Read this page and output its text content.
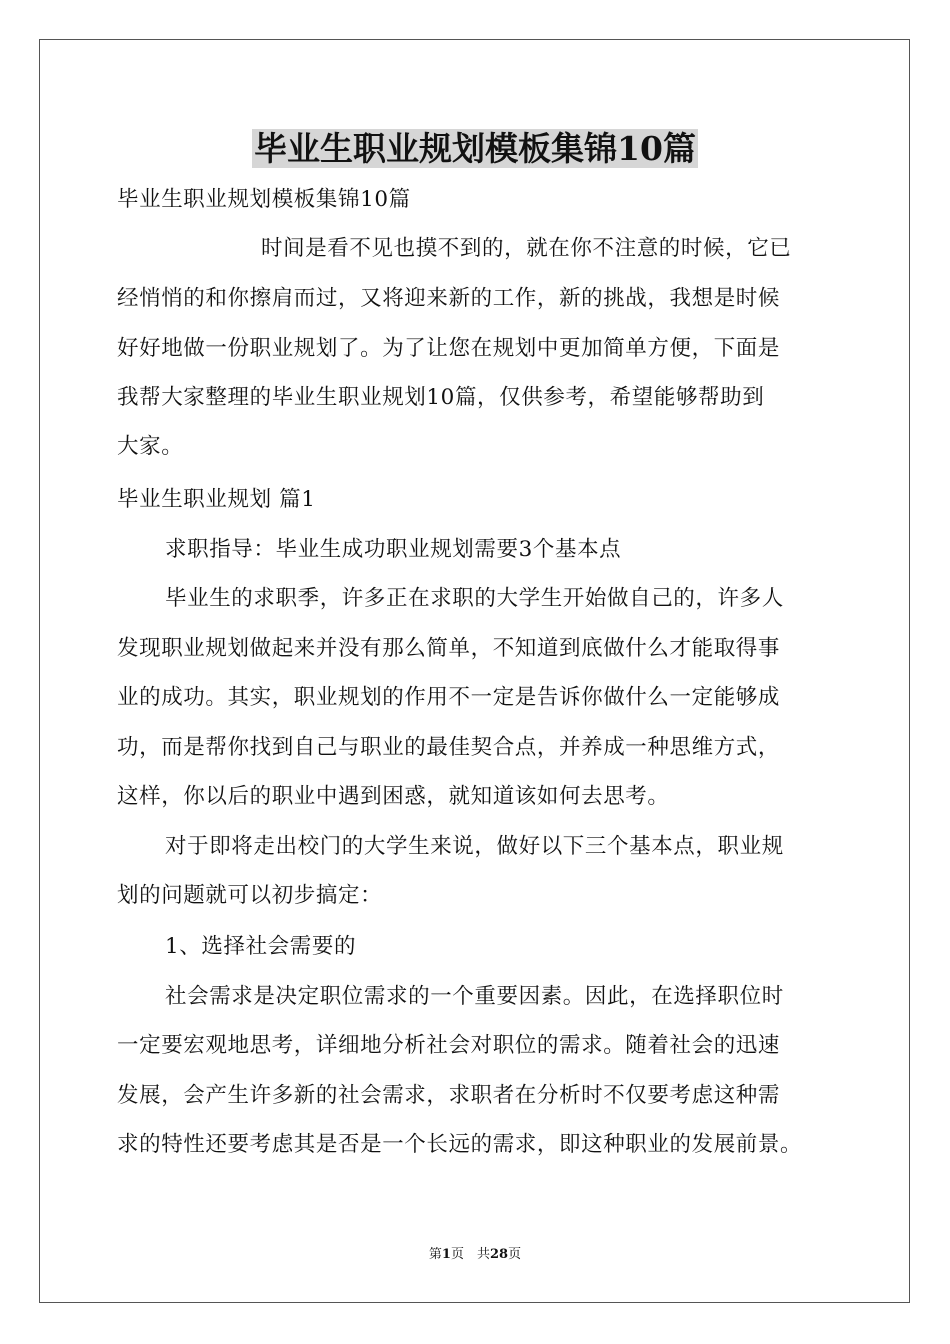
毕业生职业规划模板集锦10篇
毕业生职业规划模板集锦10篇
时间是看不见也摸不到的，就在你不注意的时候，它已
经悄悄的和你擦肩而过，又将迎来新的工作，新的挑战，我想是时候
好好地做一份职业规划了。为了让您在规划中更加简单方便，下面是
我帮大家整理的毕业生职业规划10篇，仅供参考，希望能够帮助到
大家。
毕业生职业规划 篇1
求职指导：毕业生成功职业规划需要3个基本点
毕业生的求职季，许多正在求职的大学生开始做自己的，许多人
发现职业规划做起来并没有那么简单，不知道到底做什么才能取得事
业的成功。其实，职业规划的作用不一定是告诉你做什么一定能够成
功，而是帮你找到自己与职业的最佳契合点，并养成一种思维方式，
这样，你以后的职业中遇到困惑，就知道该如何去思考。
对于即将走出校门的大学生来说，做好以下三个基本点，职业规
划的问题就可以初步搞定：
1、选择社会需要的
社会需求是决定职位需求的一个重要因素。因此，在选择职位时
一定要宏观地思考，详细地分析社会对职位的需求。随着社会的迅速
发展，会产生许多新的社会需求，求职者在分析时不仅要考虑这种需
求的特性还要考虑其是否是一个长远的需求，即这种职业的发展前景。
第1页　共28页
